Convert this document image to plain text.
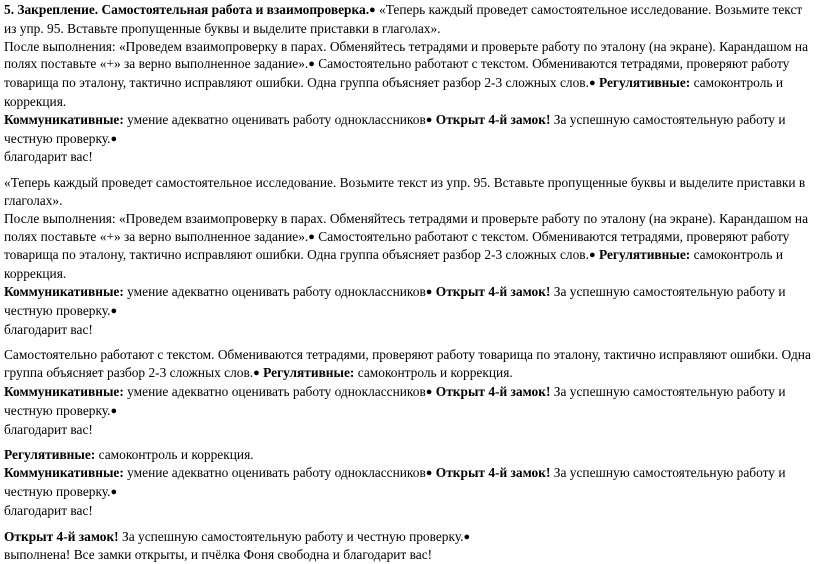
5. Закрепление. Самостоятельная работа и взаимопроверка.● «Теперь каждый проведет самостоятельное исследование. Возьмите текст из упр. 95. Вставьте пропущенные буквы и выделите приставки в глаголах».

После выполнения: «Проведем взаимопроверку в парах. Обменяйтесь тетрадями и проверьте работу по эталону (на экране). Карандашом на полях поставьте «+» за верно выполненное задание».● Самостоятельно работают с текстом. Обмениваются тетрадями, проверяют работу товарища по эталону, тактично исправляют ошибки. Одна группа объясняет разбор 2-3 сложных слов.● Регулятивные: самоконтроль и коррекция.

Коммуникативные: умение адекватно оценивать работу одноклассников● Открыт 4-й замок! За успешную самостоятельную работу и честную проверку.●

благодарит вас!

«Теперь каждый проведет самостоятельное исследование. Возьмите текст из упр. 95. Вставьте пропущенные буквы и выделите приставки в глаголах».

После выполнения: «Проведем взаимопроверку в парах. Обменяйтесь тетрадями и проверьте работу по эталону (на экране). Карандашом на полях поставьте «+» за верно выполненное задание».● Самостоятельно работают с текстом. Обмениваются тетрадями, проверяют работу товарища по эталону, тактично исправляют ошибки. Одна группа объясняет разбор 2-3 сложных слов.● Регулятивные: самоконтроль и коррекция.

Коммуникативные: умение адекватно оценивать работу одноклассников● Открыт 4-й замок! За успешную самостоятельную работу и честную проверку.●

благодарит вас!

Самостоятельно работают с текстом. Обмениваются тетрадями, проверяют работу товарища по эталону, тактично исправляют ошибки. Одна группа объясняет разбор 2-3 сложных слов.● Регулятивные: самоконтроль и коррекция.

Коммуникативные: умение адекватно оценивать работу одноклассников● Открыт 4-й замок! За успешную самостоятельную работу и честную проверку.●

благодарит вас!

Регулятивные: самоконтроль и коррекция.

Коммуникативные: умение адекватно оценивать работу одноклассников● Открыт 4-й замок! За успешную самостоятельную работу и честную проверку.●

благодарит вас!

Открыт 4-й замок! За успешную самостоятельную работу и честную проверку.●

выполнена! Все замки открыты, и пчёлка Фоня свободна и благодарит вас!
